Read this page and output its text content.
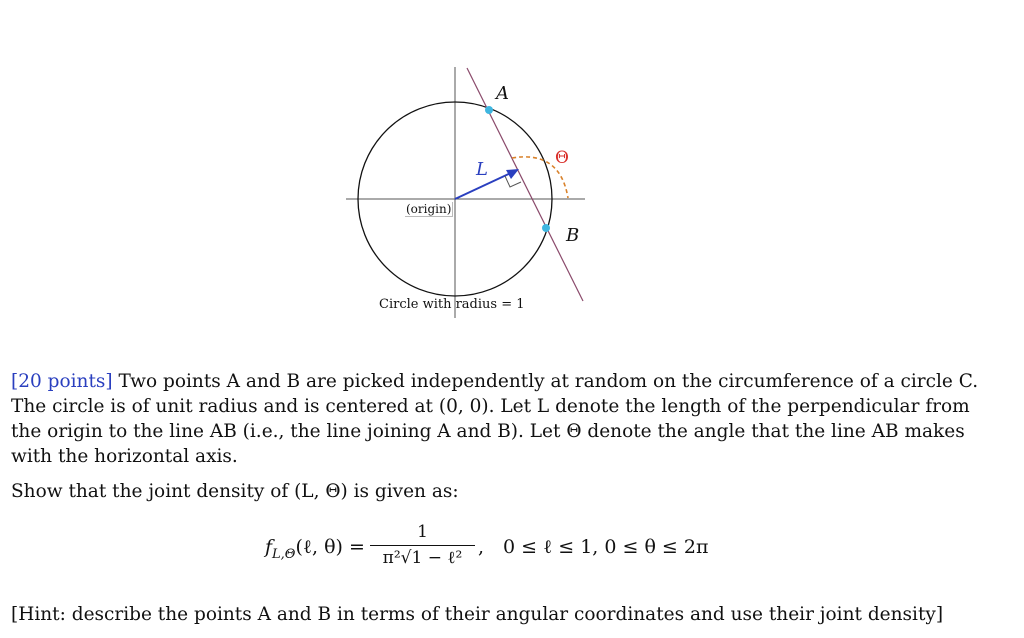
A
B
L
Θ
(origin)
Circle with radius = 1
[20 points] Two points A and B are picked independently at random on the circumference of a circle C.
The circle is of unit radius and is centered at (0, 0). Let L denote the length of the perpendicular from
the origin to the line AB (i.e., the line joining A and B). Let Θ denote the angle that the line AB makes
with the horizontal axis.
Show that the joint density of (L, Θ) is given as:
$f_{L,\Theta}(\ell$, θ) =
1
π²√1 − ℓ² , 0 ≤ ℓ ≤ 1, 0 ≤ θ ≤ 2π
[Hint: describe the points A and B in terms of their angular coordinates and use their joint density]
